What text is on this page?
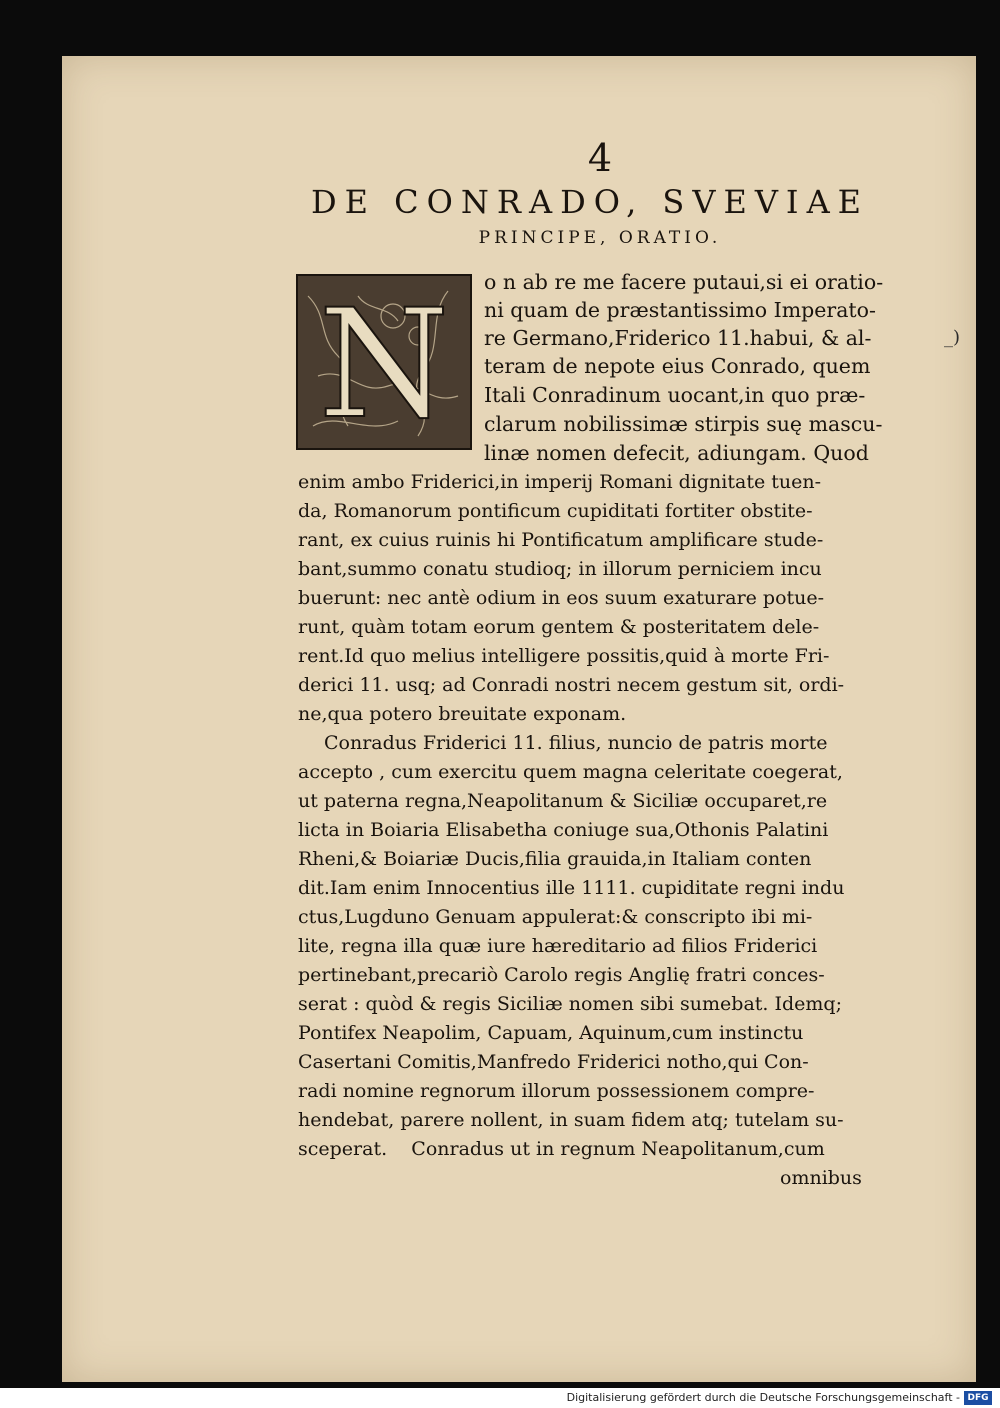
4
DE CONRADO, SVEVIAE
PRINCIPE, ORATIO.
N	_)
o n ab re me facere putaui,si ei oratio-
ni quam de præstantissimo Imperato-
re Germano,Friderico 11.habui, & al-
teram de nepote eius Conrado, quem
Itali Conradinum uocant,in quo præ-
clarum nobilissimæ stirpis suę mascu-
linæ nomen defecit, adiungam. Quod
enim ambo Friderici,in imperij Romani dignitate tuen-
da, Romanorum pontificum cupiditati fortiter obstite-
rant, ex cuius ruinis hi Pontificatum amplificare stude-
bant,summo conatu studioq; in illorum perniciem incu
buerunt: nec antè odium in eos suum exaturare potue-
runt, quàm totam eorum gentem & posteritatem dele-
rent.Id quo melius intelligere possitis,quid à morte Fri-
derici 11. usq; ad Conradi nostri necem gestum sit, ordi-
ne,qua potero breuitate exponam.
Conradus Friderici 11. filius, nuncio de patris morte
accepto , cum exercitu quem magna celeritate coegerat,
ut paterna regna,Neapolitanum & Siciliæ occuparet,re
licta in Boiaria Elisabetha coniuge sua,Othonis Palatini
Rheni,& Boiariæ Ducis,filia grauida,in Italiam conten
dit.Iam enim Innocentius ille 1111. cupiditate regni indu
ctus,Lugduno Genuam appulerat:& conscripto ibi mi-
lite, regna illa quæ iure hæreditario ad filios Friderici
pertinebant,precariò Carolo regis Anglię fratri conces-
serat : quòd & regis Siciliæ nomen sibi sumebat. Idemq;
Pontifex Neapolim, Capuam, Aquinum,cum instinctu
Casertani Comitis,Manfredo Friderici notho,qui Con-
radi nomine regnorum illorum possessionem compre-
hendebat, parere nollent, in suam fidem atq; tutelam su-
sceperat.    Conradus ut in regnum Neapolitanum,cum
omnibus
Digitalisierung gefördert durch die Deutsche Forschungsgemeinschaft - DFG
